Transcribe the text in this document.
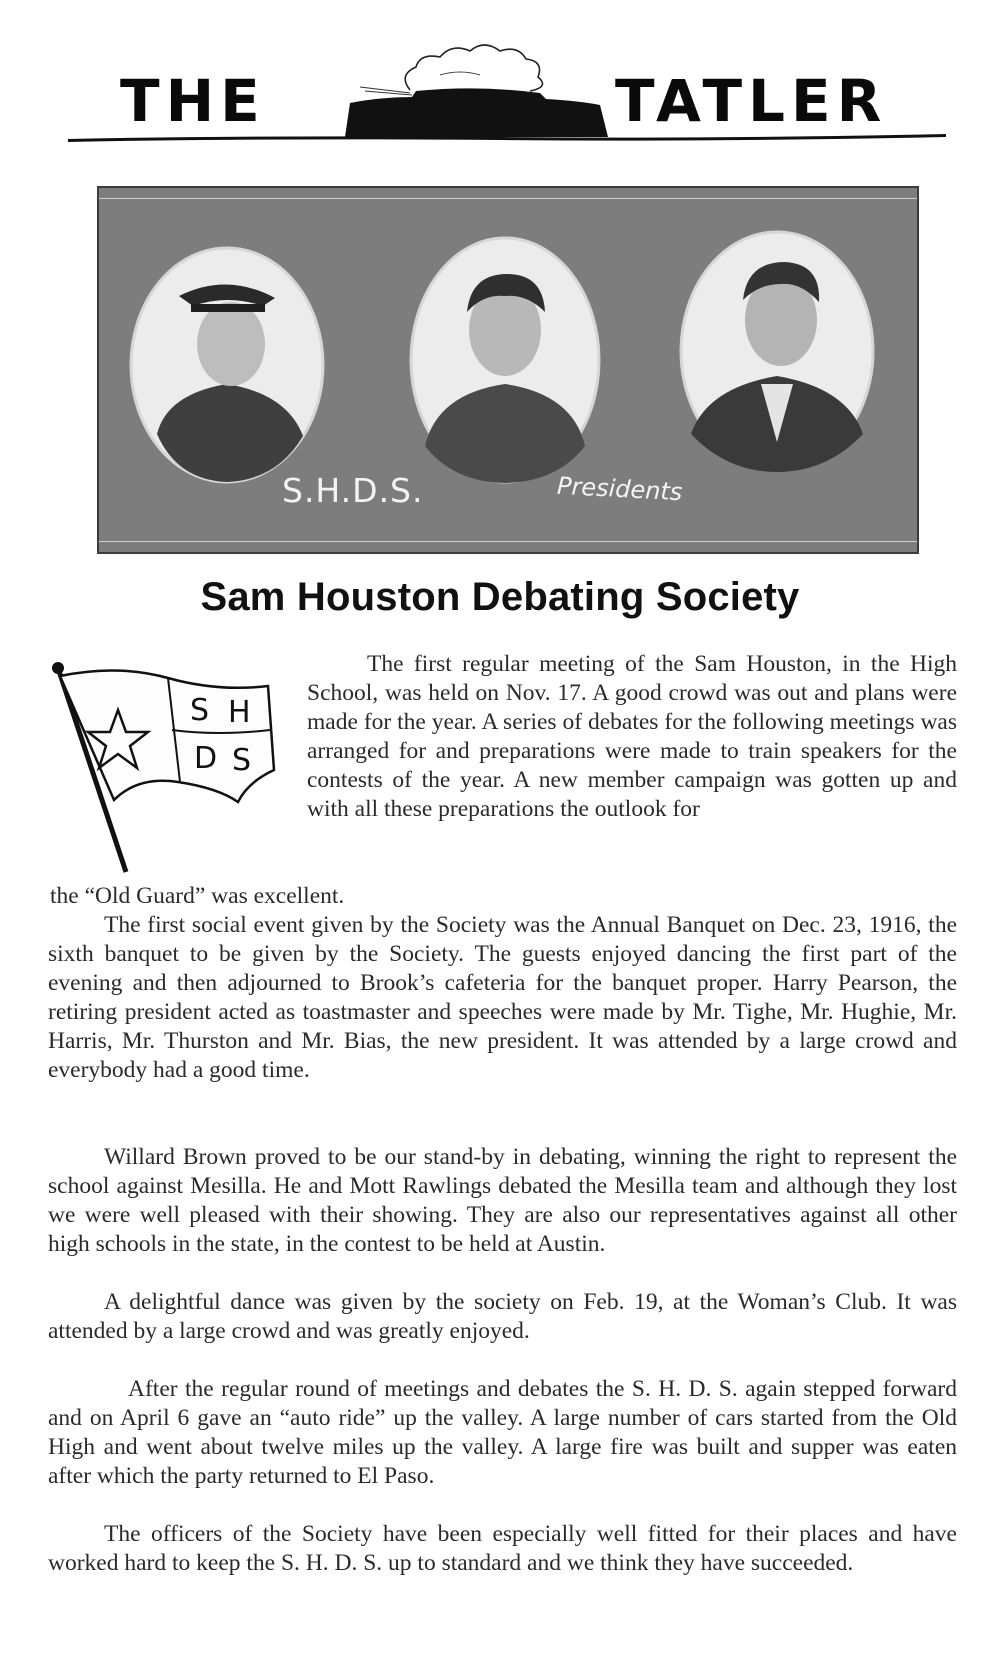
THE	TATLER
S.H.D.S.	Presidents
Sam Houston Debating Society
S H
D S

The first regular meeting of the Sam Houston, in the High School, was held on Nov. 17. A good crowd was out and plans were made for the year. A series of debates for the following meetings was arranged for and preparations were made to train speakers for the contests of the year. A new member campaign was gotten up and with all these preparations the outlook for

the “Old Guard” was excellent.

The first social event given by the Society was the Annual Banquet on Dec. 23, 1916, the sixth banquet to be given by the Society. The guests enjoyed dancing the first part of the evening and then adjourned to Brook’s cafeteria for the banquet proper. Harry Pearson, the retiring president acted as toastmaster and speeches were made by Mr. Tighe, Mr. Hughie, Mr. Harris, Mr. Thurston and Mr. Bias, the new president. It was attended by a large crowd and everybody had a good time.

Willard Brown proved to be our stand-by in debating, winning the right to represent the school against Mesilla. He and Mott Rawlings debated the Mesilla team and although they lost we were well pleased with their showing. They are also our representatives against all other high schools in the state, in the contest to be held at Austin.

A delightful dance was given by the society on Feb. 19, at the Woman’s Club. It was attended by a large crowd and was greatly enjoyed.

After the regular round of meetings and debates the S. H. D. S. again stepped forward and on April 6 gave an “auto ride” up the valley. A large number of cars started from the Old High and went about twelve miles up the valley. A large fire was built and supper was eaten after which the party returned to El Paso.

The officers of the Society have been especially well fitted for their places and have worked hard to keep the S. H. D. S. up to standard and we think they have succeeded.
